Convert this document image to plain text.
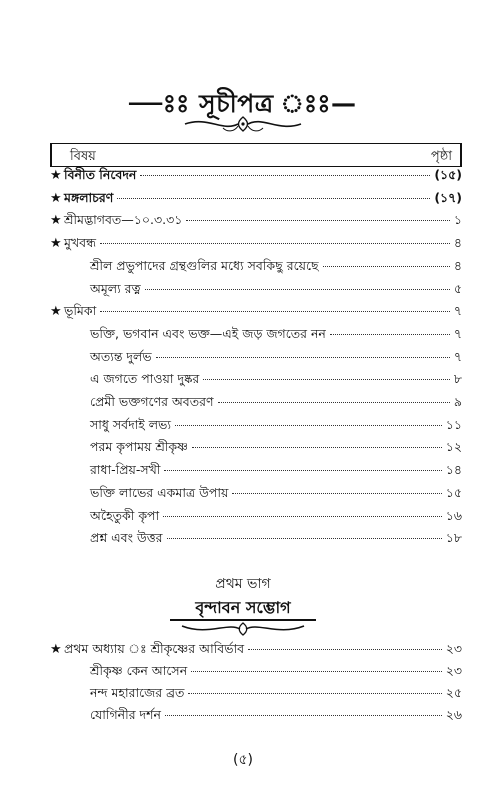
—ঃঃ সূচীপত্র ঃঃ—
বিষয়	পৃষ্ঠা
★ বিনীত নিবেদন	(১৫)
★ মঙ্গলাচরণ	(১৭)
★ শ্রীমদ্ভাগবত—১০.৩.৩১	১
★ মুখবন্ধ	৪
শ্রীল প্রভুপাদের গ্রন্থগুলির মধ্যে সবকিছু রয়েছে	৪
অমূল্য রত্ন	৫
★ ভূমিকা	৭
ভক্তি, ভগবান এবং ভক্ত—এই জড় জগতের নন	৭
অত্যন্ত দুর্লভ	৭
এ জগতে পাওয়া দুষ্কর	৮
প্রেমী ভক্তগণের অবতরণ	৯
সাধু সর্বদাই লভ্য	১১
পরম কৃপাময় শ্রীকৃষ্ণ	১২
রাধা-প্রিয়-সখী	১৪
ভক্তি লাভের একমাত্র উপায়	১৫
অহৈতুকী কৃপা	১৬
প্রশ্ন এবং উত্তর	১৮
প্রথম ভাগ
বৃন্দাবন সম্ভোগ
★ প্রথম অধ্যায় ঃ শ্রীকৃষ্ণের আবির্ভাব	২৩
শ্রীকৃষ্ণ কেন আসেন	২৩
নন্দ মহারাজের ব্রত	২৫
যোগিনীর দর্শন	২৬
(৫)
